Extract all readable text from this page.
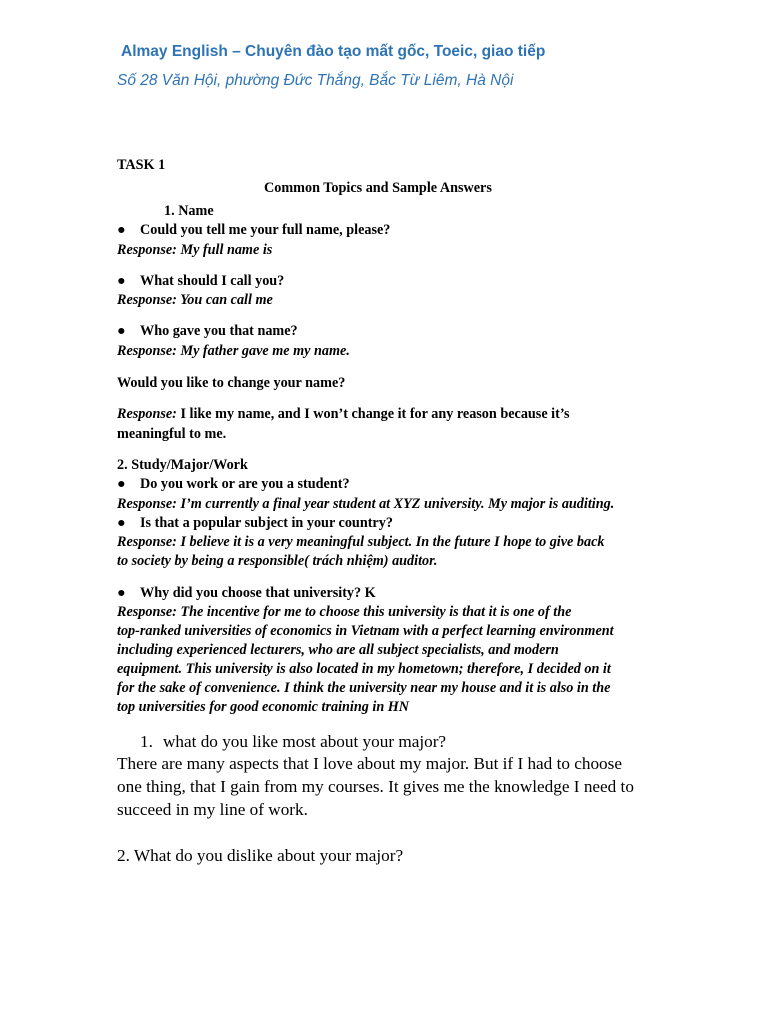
Almay English – Chuyên đào tạo mất gốc, Toeic, giao tiếp
Số 28 Văn Hội, phường Đức Thắng, Bắc Từ Liêm, Hà Nội
TASK 1
Common Topics and Sample Answers
1. Name
● Could you tell me your full name, please?
Response: My full name is
● What should I call you?
Response: You can call me
● Who gave you that name?
Response: My father gave me my name.
Would you like to change your name?
Response: I like my name, and I won’t change it for any reason because it’s
meaningful to me.
2. Study/Major/Work
● Do you work or are you a student?
Response: I’m currently a final year student at XYZ university. My major is auditing.
● Is that a popular subject in your country?
Response: I believe it is a very meaningful subject. In the future I hope to give back
to society by being a responsible( trách nhiệm) auditor.
● Why did you choose that university? K
Response: The incentive for me to choose this university is that it is one of the
top-ranked universities of economics in Vietnam with a perfect learning environment
including experienced lecturers, who are all subject specialists, and modern
equipment. This university is also located in my hometown; therefore, I decided on it
for the sake of convenience. I think the university near my house and it is also in the
top universities for good economic training in HN
1. what do you like most about your major?
There are many aspects that I love about my major. But if I had to choose
one thing, that I gain from my courses. It gives me the knowledge I need to
succeed in my line of work.
2. What do you dislike about your major?
